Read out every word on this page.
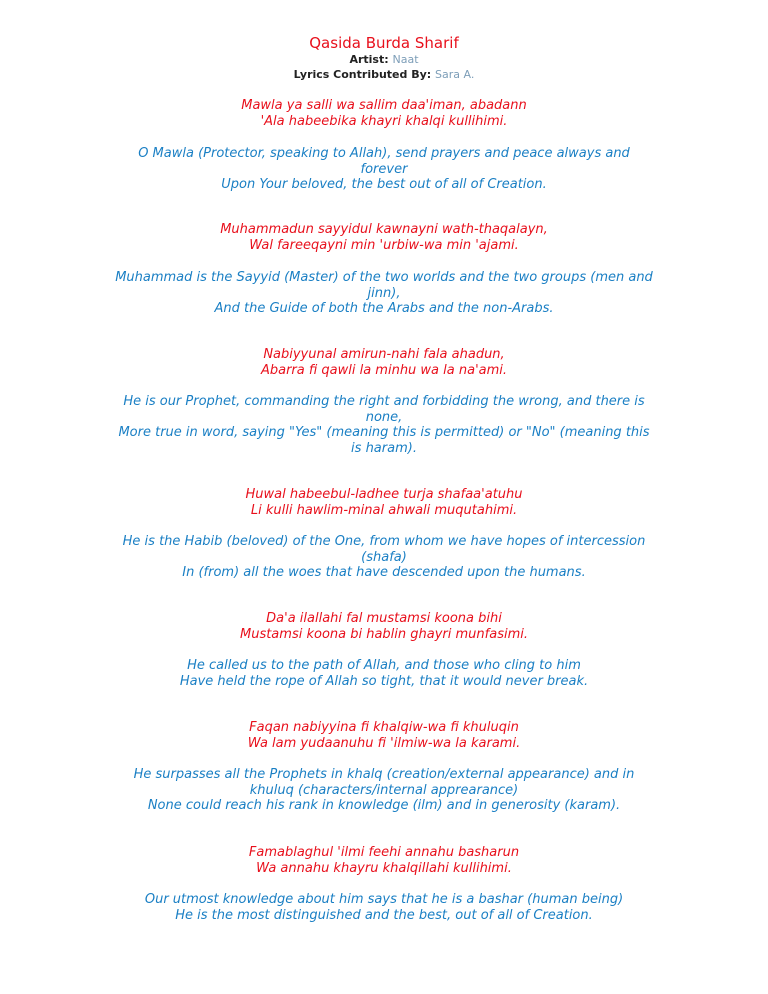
Qasida Burda Sharif
Artist: Naat
Lyrics Contributed By: Sara A.
Mawla ya salli wa sallim daa'iman, abadann
'Ala habeebika khayri khalqi kullihimi.
O Mawla (Protector, speaking to Allah), send prayers and peace always and
forever
Upon Your beloved, the best out of all of Creation.
Muhammadun sayyidul kawnayni wath-thaqalayn,
Wal fareeqayni min 'urbiw-wa min 'ajami.
Muhammad is the Sayyid (Master) of the two worlds and the two groups (men and
jinn),
And the Guide of both the Arabs and the non-Arabs.
Nabiyyunal amirun-nahi fala ahadun,
Abarra fi qawli la minhu wa la na'ami.
He is our Prophet, commanding the right and forbidding the wrong, and there is
none,
More true in word, saying "Yes" (meaning this is permitted) or "No" (meaning this
is haram).
Huwal habeebul-ladhee turja shafaa'atuhu
Li kulli hawlim-minal ahwali muqutahimi.
He is the Habib (beloved) of the One, from whom we have hopes of intercession
(shafa)
In (from) all the woes that have descended upon the humans.
Da'a ilallahi fal mustamsi koona bihi
Mustamsi koona bi hablin ghayri munfasimi.
He called us to the path of Allah, and those who cling to him
Have held the rope of Allah so tight, that it would never break.
Faqan nabiyyina fi khalqiw-wa fi khuluqin
Wa lam yudaanuhu fi 'ilmiw-wa la karami.
He surpasses all the Prophets in khalq (creation/external appearance) and in
khuluq (characters/internal apprearance)
None could reach his rank in knowledge (ilm) and in generosity (karam).
Famablaghul 'ilmi feehi annahu basharun
Wa annahu khayru khalqillahi kullihimi.
Our utmost knowledge about him says that he is a bashar (human being)
He is the most distinguished and the best, out of all of Creation.
